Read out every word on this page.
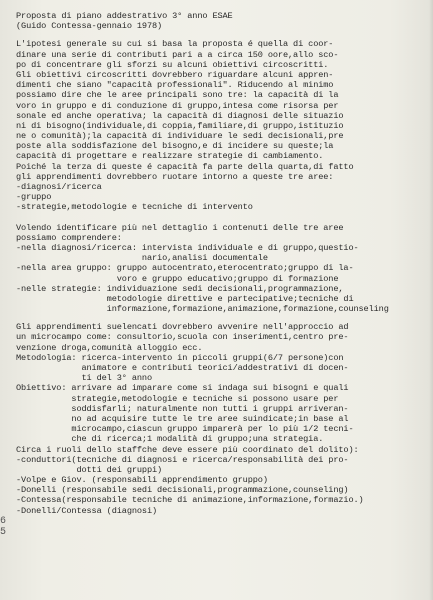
Proposta di piano addestrativo 3° anno ESAE
(Guido Contessa-gennaio 1978)
L'ipotesi generale su cui si basa la proposta é quella di coor-
dinare una serie di contributi pari a a circa 150 oore,allo sco-
po di concentrare gli sforzi su alcuni obiettivi circoscritti.
Gli obiettivi circoscritti dovrebbero riguardare alcuni appren-
dimenti che siano "capacità professionali". Riducendo al minimo
possiamo dire che le aree principali sono tre: la capacità di la
voro in gruppo e di conduzione di gruppo,intesa come risorsa per
sonale ed anche operativa; la capacità di diagnosi delle situazio
ni di bisogno(individuale,di coppia,familiare,di gruppo,istituzio
ne o comunità);la capacità di individuare le sedi decisionali,pre
poste alla soddisfazione del bisogno,e di incidere su queste;la
capacità di progettare e realizzare strategie di cambiamento.
Poiché la terza di queste é capacità fa parte della quarta,di fatto
gli apprendimenti dovrebbero ruotare intorno a queste tre aree:
-diagnosi/ricerca
-gruppo
-strategie,metodologie e tecniche di intervento
Volendo identificare più nel dettaglio i contenuti delle tre aree
possiamo comprendere:
-nella diagnosi/ricerca: intervista individuale e di gruppo,questio-
nario,analisi documentale
-nella area gruppo: gruppo autocentrato,eterocentrato;gruppo di la-
voro e gruppo educativo;gruppo di formazione
-nelle strategie: individuazione sedi decisionali,programmazione,
metodologie direttive e partecipative;tecniche di
informazione,formazione,animazione,formazione,counseling
Gli apprendimenti suelencati dovrebbero avvenire nell'approccio ad
un microcampo come: consultorio,scuola con inserimenti,centro pre-
venzione droga,comunità alloggio ecc.
Metodologia: ricerca-intervento in piccoli gruppi(6/7 persone)con
animatore e contributi teorici/addestrativi di docen-
ti del 3° anno
Obiettivo: arrivare ad imparare come si indaga sui bisogni e quali
strategie,metodologie e tecniche si possono usare per
soddisfarli; naturalmente non tutti i gruppi arriveran-
no ad acquisire tutte le tre aree suindicate;in base al
microcampo,ciascun gruppo imparerà per lo più 1/2 tecni-
che di ricerca;1 modalità di gruppo;una strategia.
Circa i ruoli dello staffche deve essere più coordinato del dolito):
-conduttori(tecniche di diagnosi e ricerca/responsabilità dei pro-
dotti dei gruppi)
-Volpe e Giov. (responsabili apprendimento gruppo)
-Donelli (responsabile sedi decisionali,programmazione,counseling)
-Contessa(responsabile tecniche di animazione,informazione,formazio.)
-Donelli/Contessa (diagnosi)
6
5
